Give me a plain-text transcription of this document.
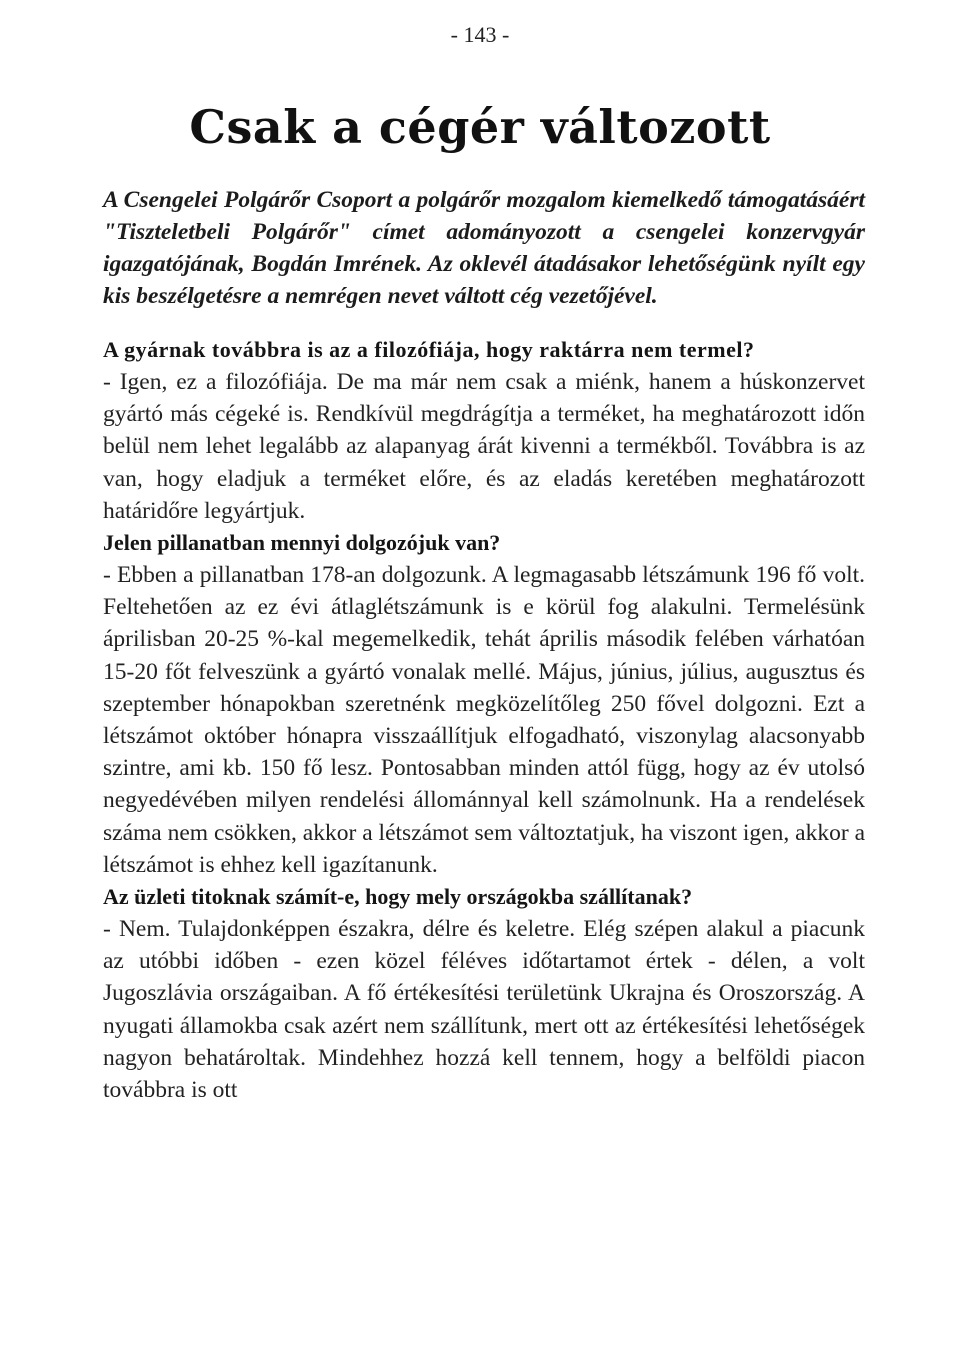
- 143 -
Csak a cégér változott

A Csengelei Polgárőr Csoport a polgárőr mozgalom kiemelkedő támogatásáért "Tiszteletbeli Polgárőr" címet adományozott a csengelei konzervgyár igazgatójának, Bogdán Imrének. Az oklevél átadásakor lehetőségünk nyílt egy kis beszélgetésre a nemrégen nevet váltott cég vezetőjével.

A gyárnak továbbra is az a filozófiája, hogy raktárra nem termel?

- Igen, ez a filozófiája. De ma már nem csak a miénk, hanem a húskonzervet gyártó más cégeké is. Rendkívül megdrágítja a terméket, ha meghatározott időn belül nem lehet legalább az alapanyag árát kivenni a termékből. Továbbra is az van, hogy eladjuk a terméket előre, és az eladás keretében meghatározott határidőre legyártjuk.

Jelen pillanatban mennyi dolgozójuk van?

- Ebben a pillanatban 178-an dolgozunk. A legmagasabb létszámunk 196 fő volt. Feltehetően az ez évi átlaglétszámunk is e körül fog alakulni. Termelésünk áprilisban 20-25 %-kal megemelkedik, tehát április második felében várhatóan 15-20 főt felveszünk a gyártó vonalak mellé. Május, június, július, augusztus és szeptember hónapokban szeretnénk megközelítőleg 250 fővel dolgozni. Ezt a létszámot október hónapra visszaállítjuk elfogadható, viszonylag alacsonyabb szintre, ami kb. 150 fő lesz. Pontosabban minden attól függ, hogy az év utolsó negyedévében milyen rendelési állománnyal kell számolnunk. Ha a rendelések száma nem csökken, akkor a létszámot sem változtatjuk, ha viszont igen, akkor a létszámot is ehhez kell igazítanunk.

Az üzleti titoknak számít-e, hogy mely országokba szállítanak?

- Nem. Tulajdonképpen északra, délre és keletre. Elég szépen alakul a piacunk az utóbbi időben - ezen közel féléves időtartamot értek - délen, a volt Jugoszlávia országaiban. A fő értékesítési területünk Ukrajna és Oroszország. A nyugati államokba csak azért nem szállítunk, mert ott az értékesítési lehetőségek nagyon behatároltak. Mindehhez hozzá kell tennem, hogy a belföldi piacon továbbra is ott
